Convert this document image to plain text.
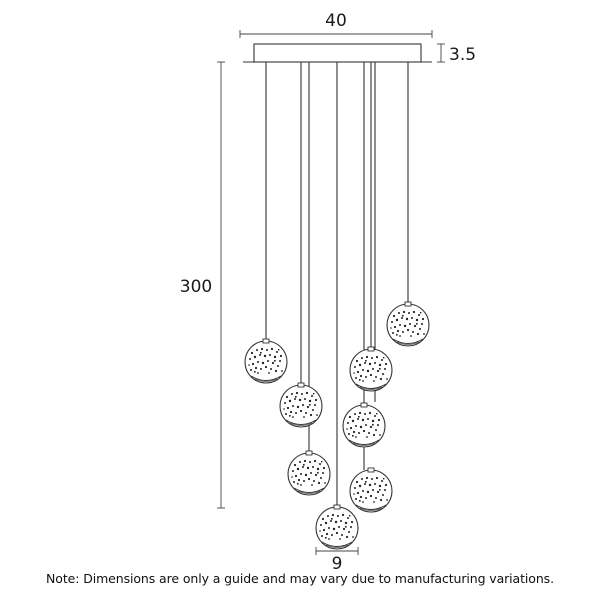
40
3.5
300
9
Note: Dimensions are only a guide and may vary due to manufacturing variations.
